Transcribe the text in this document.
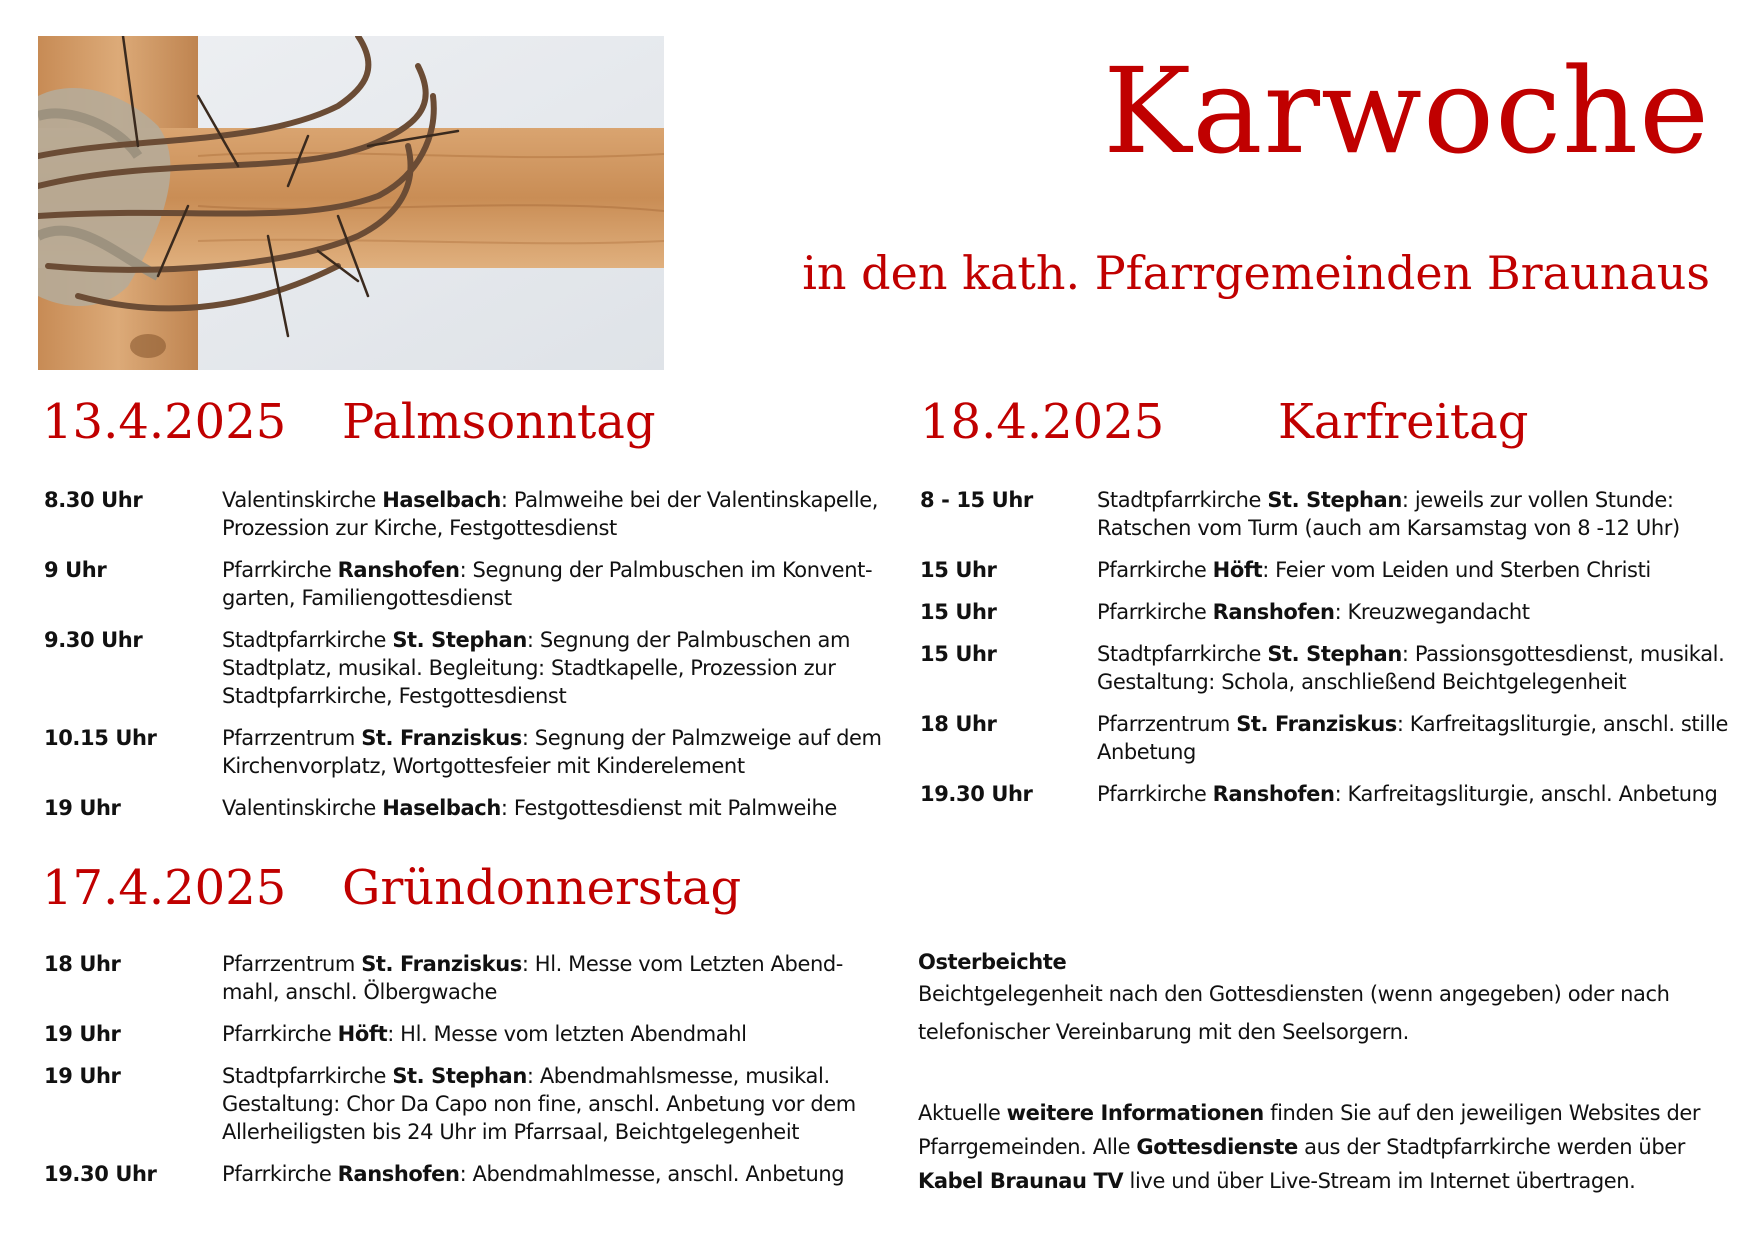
Karwoche
in den kath. Pfarrgemeinden Braunaus
13.4.2025 Palmsonntag
8.30 Uhr	Valentinskirche Haselbach: Palmweihe bei der Valentinskapelle, Prozession zur Kirche, Festgottesdienst
9 Uhr	Pfarrkirche Ranshofen: Segnung der Palmbuschen im Konvent-garten, Familiengottesdienst
9.30 Uhr	Stadtpfarrkirche St. Stephan: Segnung der Palmbuschen am Stadtplatz, musikal. Begleitung: Stadtkapelle, Prozession zur Stadtpfarrkirche, Festgottesdienst
10.15 Uhr	Pfarrzentrum St. Franziskus: Segnung der Palmzweige auf dem Kirchenvorplatz, Wortgottesfeier mit Kinderelement
19 Uhr	Valentinskirche Haselbach: Festgottesdienst mit Palmweihe
17.4.2025 Gründonnerstag
18 Uhr	Pfarrzentrum St. Franziskus: Hl. Messe vom Letzten Abend-mahl, anschl. Ölbergwache
19 Uhr	Pfarrkirche Höft: Hl. Messe vom letzten Abendmahl
19 Uhr	Stadtpfarrkirche St. Stephan: Abendmahlsmesse, musikal. Gestaltung: Chor Da Capo non fine, anschl. Anbetung vor dem Allerheiligsten bis 24 Uhr im Pfarrsaal, Beichtgelegenheit
19.30 Uhr	Pfarrkirche Ranshofen: Abendmahlmesse, anschl. Anbetung
18.4.2025 Karfreitag
8 - 15 Uhr	Stadtpfarrkirche St. Stephan: jeweils zur vollen Stunde: Ratschen vom Turm (auch am Karsamstag von 8 -12 Uhr)
15 Uhr	Pfarrkirche Höft: Feier vom Leiden und Sterben Christi
15 Uhr	Pfarrkirche Ranshofen: Kreuzwegandacht
15 Uhr	Stadtpfarrkirche St. Stephan: Passionsgottesdienst, musikal. Gestaltung: Schola, anschließend Beichtgelegenheit
18 Uhr	Pfarrzentrum St. Franziskus: Karfreitagsliturgie, anschl. stille Anbetung
19.30 Uhr	Pfarrkirche Ranshofen: Karfreitagsliturgie, anschl. Anbetung
Osterbeichte

Beichtgelegenheit nach den Gottesdiensten (wenn angegeben) oder nach

telefonischer Vereinbarung mit den Seelsorgern.

Aktuelle weitere Informationen finden Sie auf den jeweiligen Websites der

Pfarrgemeinden. Alle Gottesdienste aus der Stadtpfarrkirche werden über

Kabel Braunau TV live und über Live-Stream im Internet übertragen.
